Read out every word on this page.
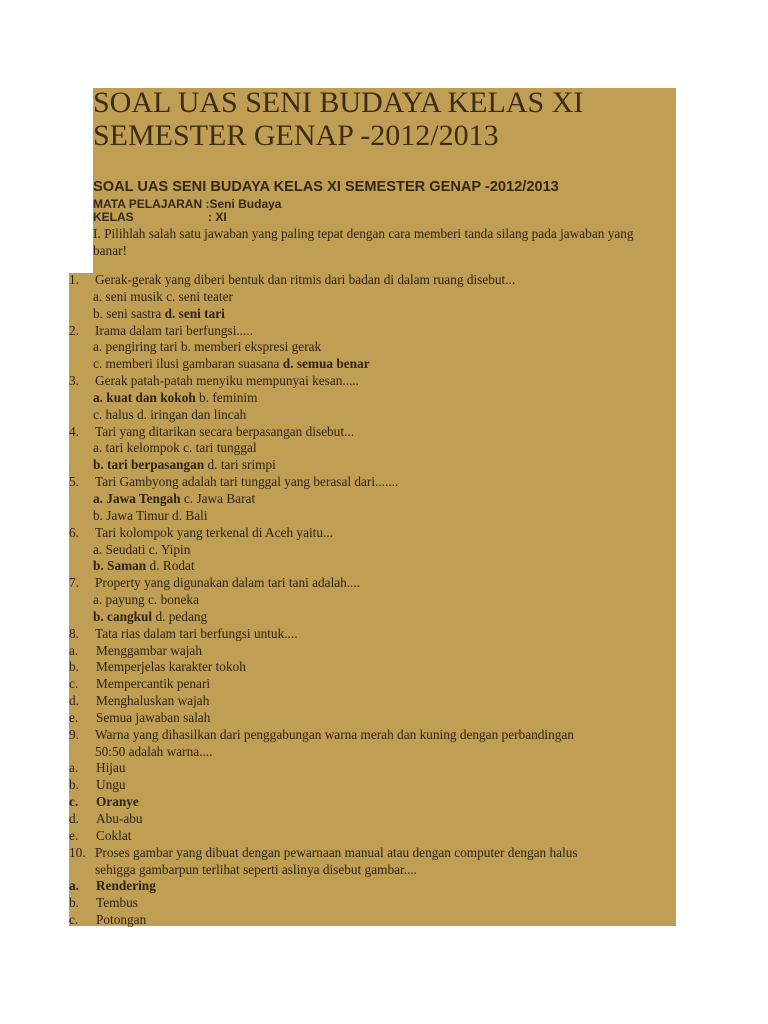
SOAL UAS SENI BUDAYA KELAS XI SEMESTER GENAP -2012/2013
SOAL UAS SENI BUDAYA KELAS XI SEMESTER GENAP -2012/2013
MATA PELAJARAN :Seni Budaya
KELAS	: XI
I. Pilihlah salah satu jawaban yang paling tepat dengan cara memberi tanda silang pada jawaban yang banar!
1. Gerak-gerak yang diberi bentuk dan ritmis dari badan di dalam ruang disebut...
a. seni musik c. seni teater
b. seni sastra d. seni tari
2. Irama dalam tari berfungsi.....
a. pengiring tari b. memberi ekspresi gerak
c. memberi ilusi gambaran suasana d. semua benar
3. Gerak patah-patah menyiku mempunyai kesan.....
a. kuat dan kokoh b. feminim
c. halus d. iringan dan lincah
4. Tari yang ditarikan secara berpasangan disebut...
a. tari kelompok c. tari tunggal
b. tari berpasangan d. tari srimpi
5. Tari Gambyong adalah tari tunggal yang berasal dari.......
a. Jawa Tengah c. Jawa Barat
b. Jawa Timur d. Bali
6. Tari kolompok yang terkenal di Aceh yaitu...
a. Seudati c. Yipin
b. Saman d. Rodat
7. Property yang digunakan dalam tari tani adalah....
a. payung c. boneka
b. cangkul d. pedang
8. Tata rias dalam tari berfungsi untuk....
a. Menggambar wajah
b. Memperjelas karakter tokoh
c. Mempercantik penari
d. Menghaluskan wajah
e. Semua jawaban salah
9. Warna yang dihasilkan dari penggabungan warna merah dan kuning dengan perbandingan
50:50 adalah warna....
a. Hijau
b. Ungu
c. Oranye
d. Abu-abu
e. Coklat
10. Proses gambar yang dibuat dengan pewarnaan manual atau dengan computer dengan halus
sehigga gambarpun terlihat seperti aslinya disebut gambar....
a. Rendering
b. Tembus
c. Potongan
